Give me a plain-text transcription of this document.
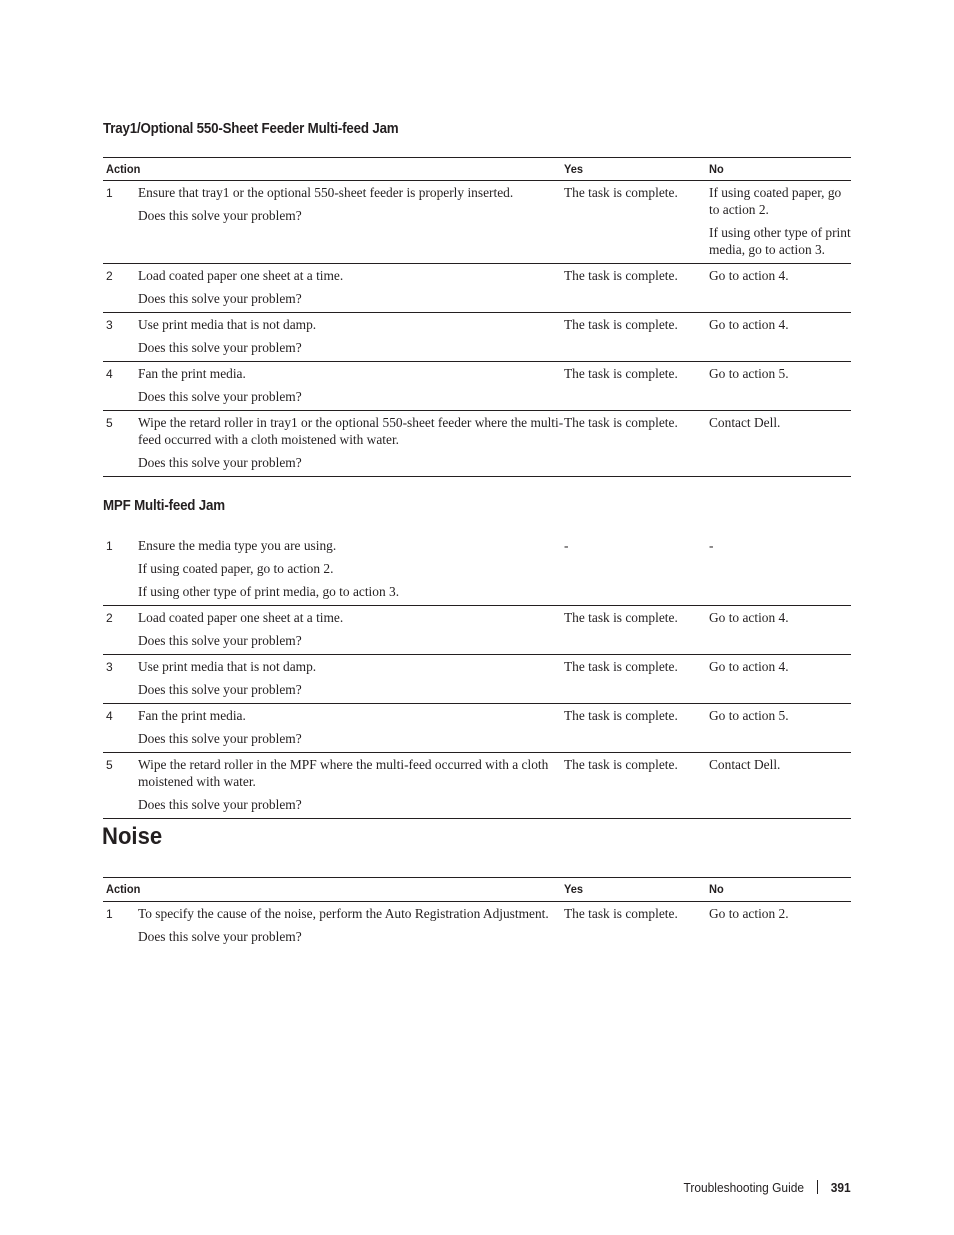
Tray1/Optional 550-Sheet Feeder Multi-feed Jam
Action	Yes	No
1	Ensure that tray1 or the optional 550-sheet feeder is properly inserted.

Does this solve your problem?

The task is complete.	If using coated paper, go to action 2.

If using other type of print media, go to action 3.

2	Load coated paper one sheet at a time.

Does this solve your problem?

The task is complete.	Go to action 4.

3	Use print media that is not damp.

Does this solve your problem?

The task is complete.	Go to action 4.

4	Fan the print media.

Does this solve your problem?

The task is complete.	Go to action 5.

5	Wipe the retard roller in tray1 or the optional 550-sheet feeder where the multi-feed occurred with a cloth moistened with water.

Does this solve your problem?

The task is complete.	Contact Dell.

MPF Multi-feed Jam
1	Ensure the media type you are using.

If using coated paper, go to action 2.

If using other type of print media, go to action 3.

-	-

2	Load coated paper one sheet at a time.

Does this solve your problem?

The task is complete.	Go to action 4.

3	Use print media that is not damp.

Does this solve your problem?

The task is complete.	Go to action 4.

4	Fan the print media.

Does this solve your problem?

The task is complete.	Go to action 5.

5	Wipe the retard roller in the MPF where the multi-feed occurred with a cloth moistened with water.

Does this solve your problem?

The task is complete.	Contact Dell.

Noise
Action	Yes	No
1	To specify the cause of the noise, perform the Auto Registration Adjustment.

Does this solve your problem?

The task is complete.	Go to action 2.

Troubleshooting Guide 391
